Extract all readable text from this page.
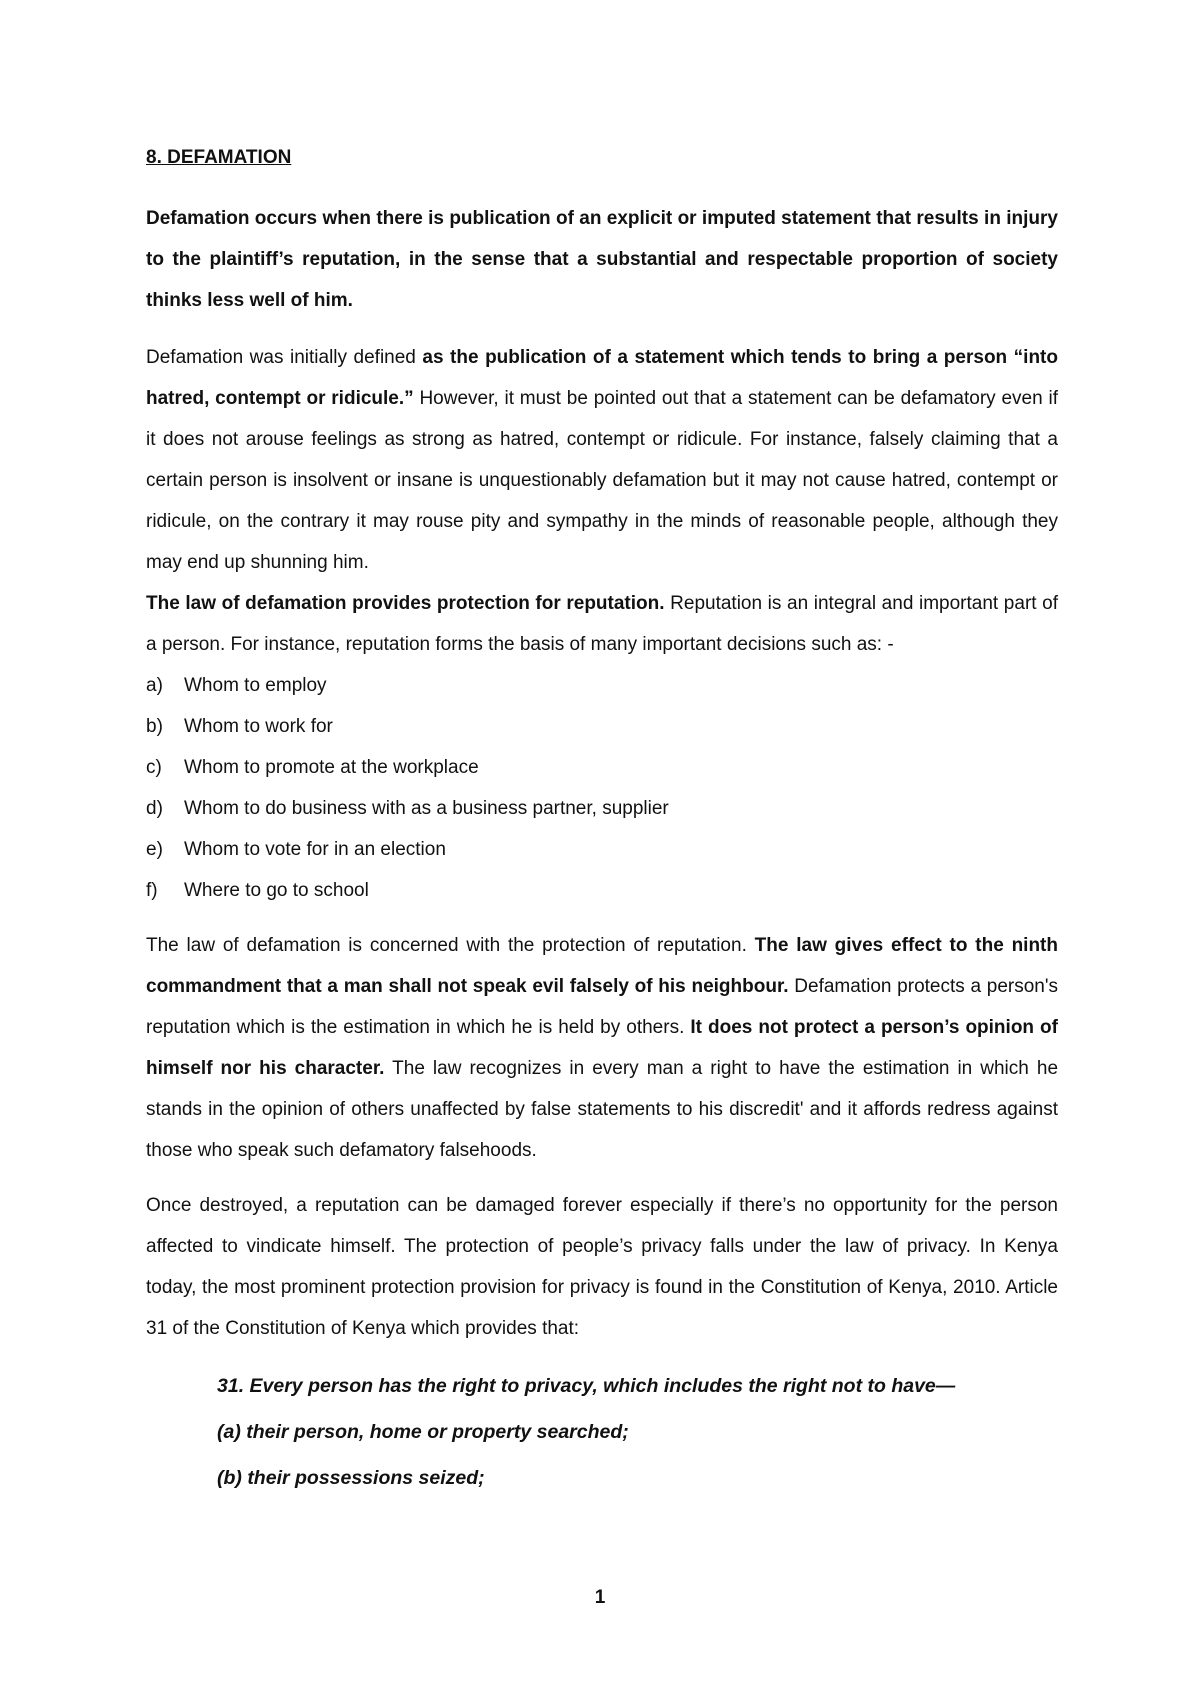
8. DEFAMATION

Defamation occurs when there is publication of an explicit or imputed statement that results in injury to the plaintiff’s reputation, in the sense that a substantial and respectable proportion of society thinks less well of him.

Defamation was initially defined as the publication of a statement which tends to bring a person “into hatred, contempt or ridicule.” However, it must be pointed out that a statement can be defamatory even if it does not arouse feelings as strong as hatred, contempt or ridicule. For instance, falsely claiming that a certain person is insolvent or insane is unquestionably defamation but it may not cause hatred, contempt or ridicule, on the contrary it may rouse pity and sympathy in the minds of reasonable people, although they may end up shunning him.

The law of defamation provides protection for reputation. Reputation is an integral and important part of a person. For instance, reputation forms the basis of many important decisions such as: -

a)	Whom to employ
b)	Whom to work for
c)	Whom to promote at the workplace
d)	Whom to do business with as a business partner, supplier
e)	Whom to vote for in an election
f)	Where to go to school

The law of defamation is concerned with the protection of reputation. The law gives effect to the ninth commandment that a man shall not speak evil falsely of his neighbour. Defamation protects a person's reputation which is the estimation in which he is held by others. It does not protect a person’s opinion of himself nor his character. The law recognizes in every man a right to have the estimation in which he stands in the opinion of others unaffected by false statements to his discredit' and it affords redress against those who speak such defamatory falsehoods.

Once destroyed, a reputation can be damaged forever especially if there’s no opportunity for the person affected to vindicate himself. The protection of people’s privacy falls under the law of privacy. In Kenya today, the most prominent protection provision for privacy is found in the Constitution of Kenya, 2010. Article 31 of the Constitution of Kenya which provides that:

31. Every person has the right to privacy, which includes the right not to have—
(a) their person, home or property searched;
(b) their possessions seized;
1
